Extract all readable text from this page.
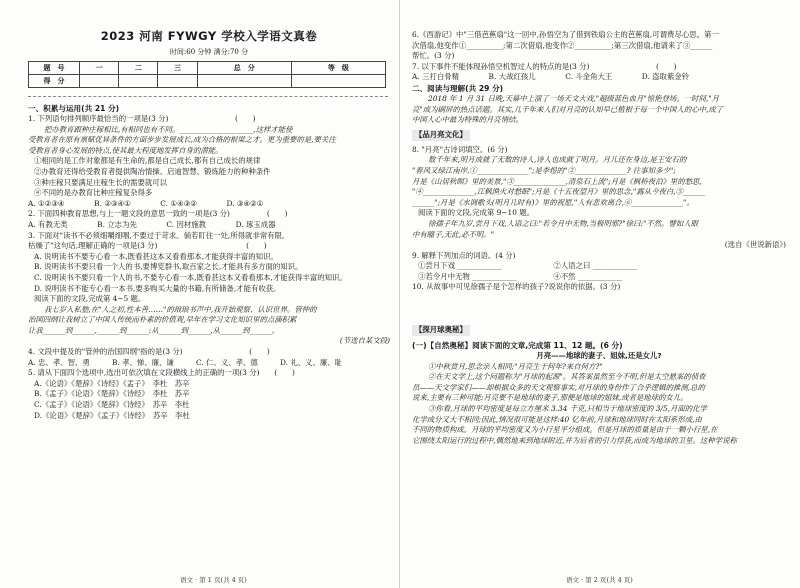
2023 河南 FYWGY 学校入学语文真卷
时间:60 分钟 满分:70 分
题　号	一	二	三	总　分	等　级
得　分					
一、积累与运用(共 21 分)
1. 下列语句排列顺序最恰当的一项是(3 分)　　　　　　　　　(　　)
把办教育跟种庄稼相比,有相同也有不同。____________________,这样才能使
受教育者在原有禀赋优异条件的方面步步发展成长,成为合格的根梁之才。更为重要的是,要关注
受教育者身心发展的特点,使其最大程度地发挥自身的潜能。
①相同的是工作对象都是有生命的,都是自己成长,都有自己成长的规律
②办教育还得给受教育者提供陶冶情操、启迪智慧、锻炼能力的种种条件
③种庄稼只要满足庄稼生长的需要就可以
④不同的是办教育比种庄稼复杂得多
A. ①②③④　　　　B. ②③④①　　　　C. ①④③②　　　　D. ③④②①
2. 下面四种教育思想,与上一题文段的意思一致的一项是(3 分)　　　　　(　　)
A. 有教无类　　　　B. 立志为先　　　　C. 因材施教　　　　D. 琢玉成器
3. 下面对"读书不必须细嚼细咽,不要过于苛求。倘若盯住一处,所得就非常有限,
枯燥了"这句话,理解正确的一项是(3 分)　　　　　　　　　　　　(　　)
A. 说明读书不要专心看一本,既看甚这本又看看那本,才能获得丰富的知识。
B. 说明读书不要只看一个人的书,要博览群书,取百家之长,才能具有多方面的知识。
C. 说明读书不要只看一个人的书,不要专心看一本,既看甚这本又看看那本,才能获得丰富的知识。
D. 说明读书不能专心看一本书,要多购买大量的书籍,有所储备,才能有收获。
阅读下面的文段,完成第 4~5 题。
我七岁入私塾,在"人之初,性本善……"的琅琅书声中,我开始观察、认识世界。管仲的
治国四纲让我树立了中国人传统而朴素的价值观,早年在学习文化知识里的点滴积累
让我______到______,______到______:从______到______,从______到______。
(节选自某文段)
4. 文段中提及的"管仲的治国四纲"指的是(3 分)　　　　　　　　　(　　)
A. 忠、孝、智、勇　　　B. 孝、悌、廉、谦　　　C. 仁、义、孝、德　　　D. 礼、义、廉、耻
5. 请从下面四个选项中,选出可依次填在文段横线上的正确的一项(3 分)　　(　　)
A.《论语》《楚辞》《诗经》《孟子》　李杜　苏辛
B.《孟子》《论语》《楚辞》《诗经》　李杜　苏辛
C.《孟子》《论语》《楚辞》《诗经》　苏辛　李杜
D.《论语》《楚辞》《孟子》《诗经》　苏辛　李杜
6.《西游记》中"三借芭蕉扇"这一回中,孙悟空为了借到铁扇公主的芭蕉扇,可谓费尽心思。第一
次借扇,他变作①__________;第二次借扇,他变作②__________;第三次借扇,他请来了③______
帮忙。(3 分)
7. 以下事件不能体现孙悟空机智过人的特点的是(3 分)　　　　　　　　　(　　)
A. 三打白骨精　　　　B. 大战红孩儿　　　　C. 斗金角大王　　　　D. 盗取紫金铃
二、阅读与理解(共 29 分)
2018 年 1 月 31 日晚,天幕中上演了一场天文大戏,"超级蓝色血月"惊艳登场。一时间,"月
亮"成为刷屏的热点话题。其实,几千年来人们对月亮的认知早已植根于每一个中国人的心中,成了
中国人心中最为特殊的月亮情结。
【品月亮文化】
8. "月亮"古诗词填空。(6 分)
数千年来,明月成就了无数的诗人,诗人也成就了明月。月儿还在身边,是王安石的
"春风又绿江南岸,①______________";是李煜的"②______________? 往事知多少";
月是《山居秋暝》里的美景,"③______________,清泉石上流";月是《枫桥夜泊》里的愁思,
"④______________,江枫渔火对愁眠";月是《十五夜望月》里的思念,"露从今夜白,⑤______
______";月是《水调歌头(明月几时有)》里的祝愿,"人有悲欢离合,⑥______________"。
阅读下面的文段,完成第 9~10 题。
徐孺子年九岁,尝月下戏,人语之曰:"若令月中无物,当极明邪?"徐曰:"不然。譬如人眼
中有瞳子,无此,必不明。"
(选自《世说新语》)
9. 解释下列加点的词语。(4 分)
①尝月下戏 ____________　　　　　　　②人语之曰 ____________
③若令月中无物 ____________　　　　　④不然 ____________
10. 从故事中可见徐孺子是个怎样的孩子?说说你的依据。(3 分)
【探月球奥秘】
(一)【自然奥秘】阅读下面的文章,完成第 11、12 题。(6 分)
月亮——地球的妻子、姐妹,还是女儿?
①中秋赏月,思念亲人相同;"月亮生于何年?来自何方?"
②在天文学上,这个问题称为"月球的起源"。其答案虽然至今不明,但是太空悬案的侦查
员——天文学家们——却根据众多的天文观察事实,对月球的身份作了合乎逻辑的推测,总的
说来,主要有三种可能:月亮要不是地球的妻子,那便是地球的姐妹,或者是地球的女儿。
③你看,月球的平均密度是每立方厘米 3.34 千克,只相当于地球密度的 3/5,月面的化学
化学成分又大不相同;因此,情况很可能是这样:40 亿年前,月球和地球同时在太阳系形成,由
不同的物质构成。月球的平均密度又为小行星平分组成。但是月球的质量是由于一颗小行星,在
它围绕太阳运行的过程中,偶然地来到地球附近,并为后者的引力俘获,而成为地球的卫星。这种学说称
语文 · 第 1 页(共 4 页)	语文 · 第 2 页(共 4 页)
